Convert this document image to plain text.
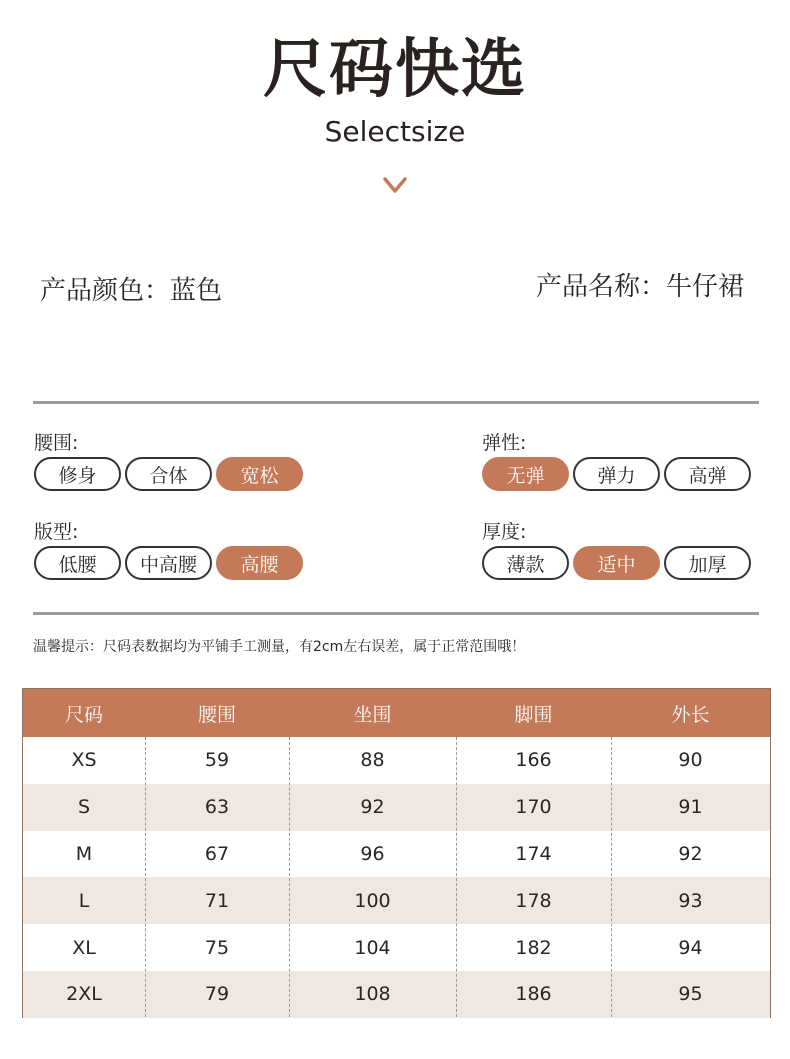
尺码快选
Selectsize
产品颜色：蓝色	产品名称：牛仔裙
腰围:
修身	合体	宽松
弹性:
无弹	弹力	高弹
版型:
低腰	中高腰	高腰
厚度:
薄款	适中	加厚
温馨提示：尺码表数据均为平铺手工测量，有2cm左右误差，属于正常范围哦！
尺码	腰围	坐围	脚围	外长
XS	59	88	166	90
S	63	92	170	91
M	67	96	174	92
L	71	100	178	93
XL	75	104	182	94
2XL	79	108	186	95
